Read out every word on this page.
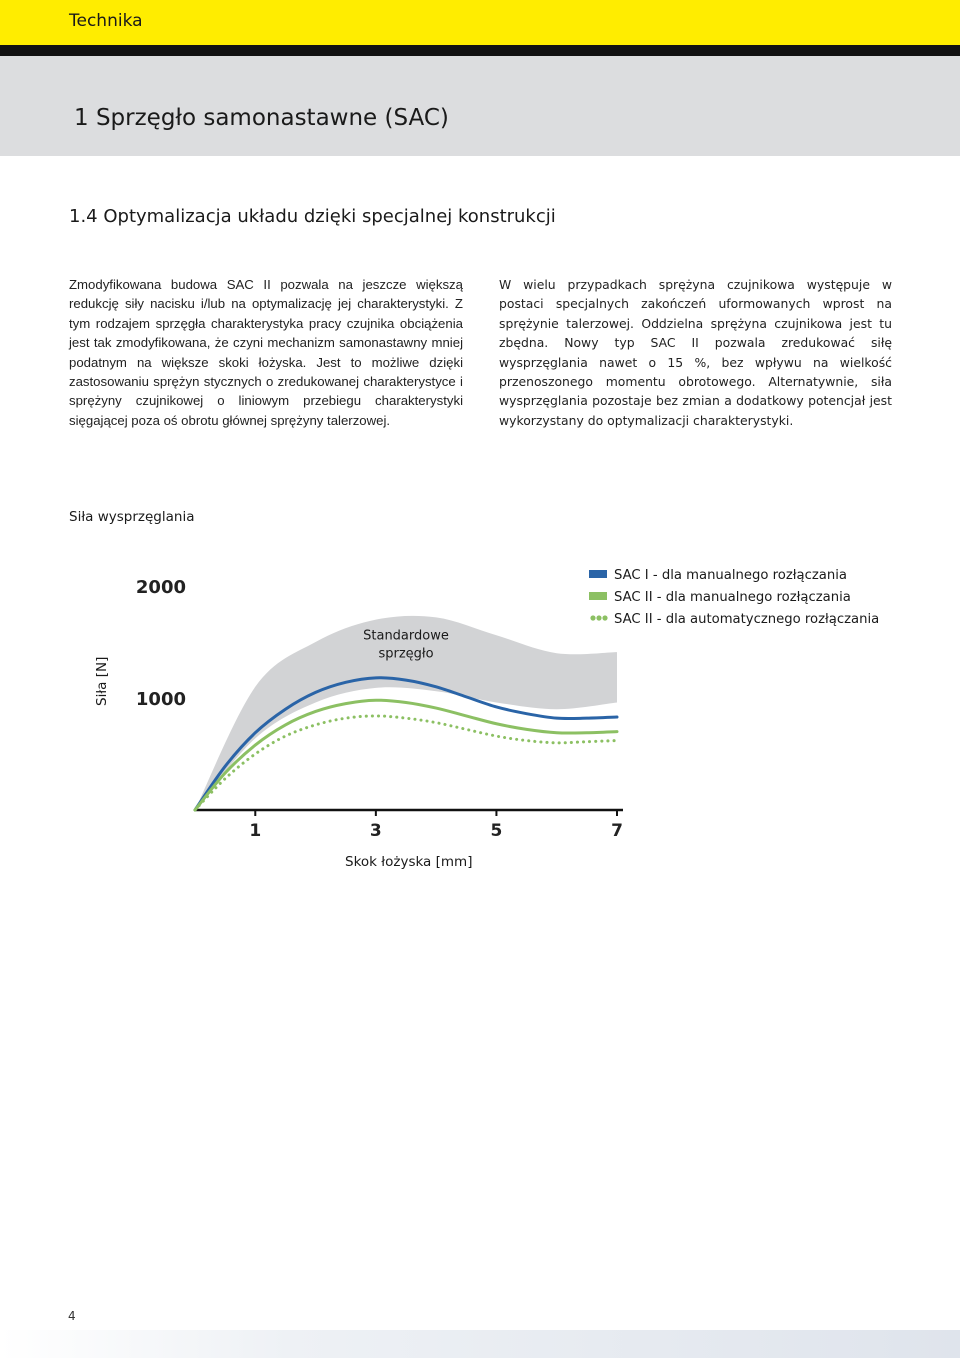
Technika
1 Sprzęgło samonastawne (SAC)
1.4 Optymalizacja układu dzięki specjalnej konstrukcji
Zmodyfikowana budowa SAC II pozwala na jeszcze większą redukcję siły nacisku i/lub na optymalizację jej charakterystyki. Z tym rodzajem sprzęgła charakterystyka pracy czujnika obciążenia jest tak zmodyfikowana, że czyni mechanizm samonastawny mniej podatnym na większe skoki łożyska. Jest to możliwe dzięki zastosowaniu sprężyn stycznych o zredukowanej charakterystyce i sprężyny czujnikowej o liniowym przebiegu charakterystyki sięgającej poza oś obrotu głównej sprężyny talerzowej.
W wielu przypadkach sprężyna czujnikowa występuje w postaci specjalnych zakończeń uformowanych wprost na sprężynie talerzowej. Oddzielna sprężyna czujnikowa jest tu zbędna. Nowy typ SAC II pozwala zredukować siłę wysprzęglania nawet o 15 %, bez wpływu na wielkość przenoszonego momentu obrotowego. Alternatywnie, siła wysprzęglania pozostaje bez zmian a dodatkowy potencjał jest wykorzystany do optymalizacji charakterystyki.
Siła wysprzęglania
Standardowe sprzęgło
1	3	5	7
1000
2000
SAC I - dla manualnego rozłączania
SAC II - dla manualnego rozłączania
SAC II - dla automatycznego rozłączania
Siła [N]
Skok łożyska [mm]
4
